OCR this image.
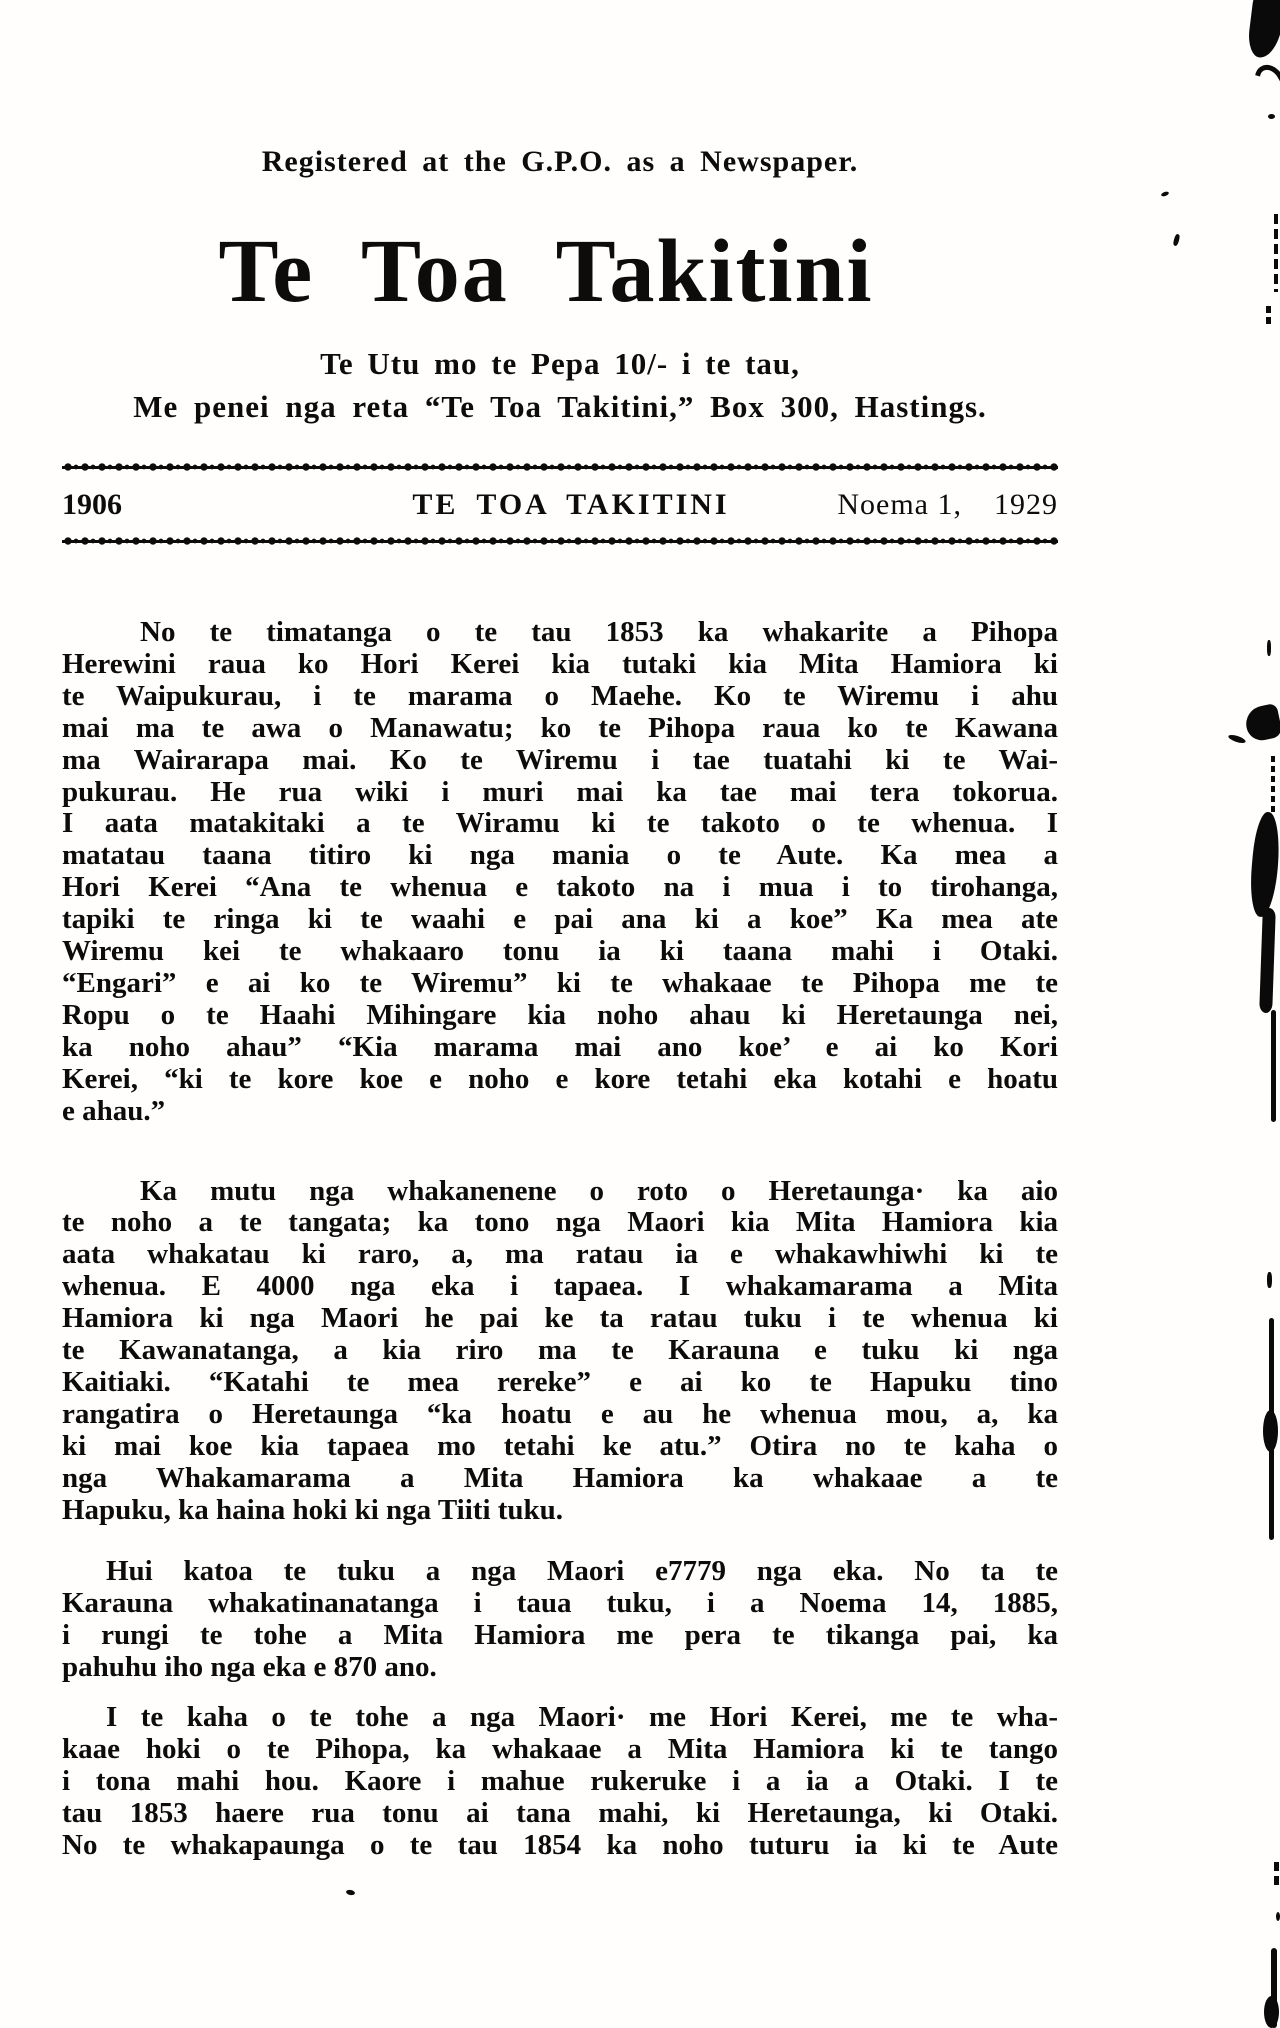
Registered at the G.P.O. as a Newspaper.
Te Toa Takitini
Te Utu mo te Pepa 10/- i te tau,
Me penei nga reta “Te Toa Takitini,” Box 300, Hastings.
1906	TE TOA TAKITINI	Noema 1,  1929
No te timatanga o te tau 1853 ka whakarite a Pihopa
Herewini raua ko Hori Kerei kia tutaki kia Mita Hamiora ki
te Waipukurau, i te marama o Maehe. Ko te Wiremu i ahu
mai ma te awa o Manawatu; ko te Pihopa raua ko te Kawana
ma Wairarapa mai. Ko te Wiremu i tae tuatahi ki te Wai-
pukurau. He rua wiki i muri mai ka tae mai tera tokorua.
I aata matakitaki a te Wiramu ki te takoto o te whenua. I
matatau taana titiro ki nga mania o te Aute. Ka mea a
Hori Kerei “Ana te whenua e takoto na i mua i to tirohanga,
tapiki te ringa ki te waahi e pai ana ki a koe” Ka mea ate
Wiremu kei te whakaaro tonu ia ki taana mahi i Otaki.
“Engari” e ai ko te Wiremu” ki te whakaae te Pihopa me te
Ropu o te Haahi Mihingare kia noho ahau ki Heretaunga nei,
ka noho ahau” “Kia marama mai ano koe’ e ai ko Kori
Kerei, “ki te kore koe e noho e kore tetahi eka kotahi e hoatu
e ahau.”
Ka mutu nga whakanenene o roto o Heretaunga· ka aio
te noho a te tangata; ka tono nga Maori kia Mita Hamiora kia
aata whakatau ki raro, a, ma ratau ia e whakawhiwhi ki te
whenua. E 4000 nga eka i tapaea. I whakamarama a Mita
Hamiora ki nga Maori he pai ke ta ratau tuku i te whenua ki
te Kawanatanga, a kia riro ma te Karauna e tuku ki nga
Kaitiaki. “Katahi te mea rereke” e ai ko te Hapuku tino
rangatira o Heretaunga “ka hoatu e au he whenua mou, a, ka
ki mai koe kia tapaea mo tetahi ke atu.” Otira no te kaha o
nga Whakamarama a Mita Hamiora ka whakaae a te
Hapuku, ka haina hoki ki nga Tiiti tuku.
Hui katoa te tuku a nga Maori e7779 nga eka. No ta te
Karauna whakatinanatanga i taua tuku, i a Noema 14, 1885,
i rungi te tohe a Mita Hamiora me pera te tikanga pai, ka
pahuhu iho nga eka e 870 ano.
I te kaha o te tohe a nga Maori· me Hori Kerei, me te wha-
kaae hoki o te Pihopa, ka whakaae a Mita Hamiora ki te tango
i tona mahi hou. Kaore i mahue rukeruke i a ia a Otaki. I te
tau 1853 haere rua tonu ai tana mahi, ki Heretaunga, ki Otaki.
No te whakapaunga o te tau 1854 ka noho tuturu ia ki te Aute
